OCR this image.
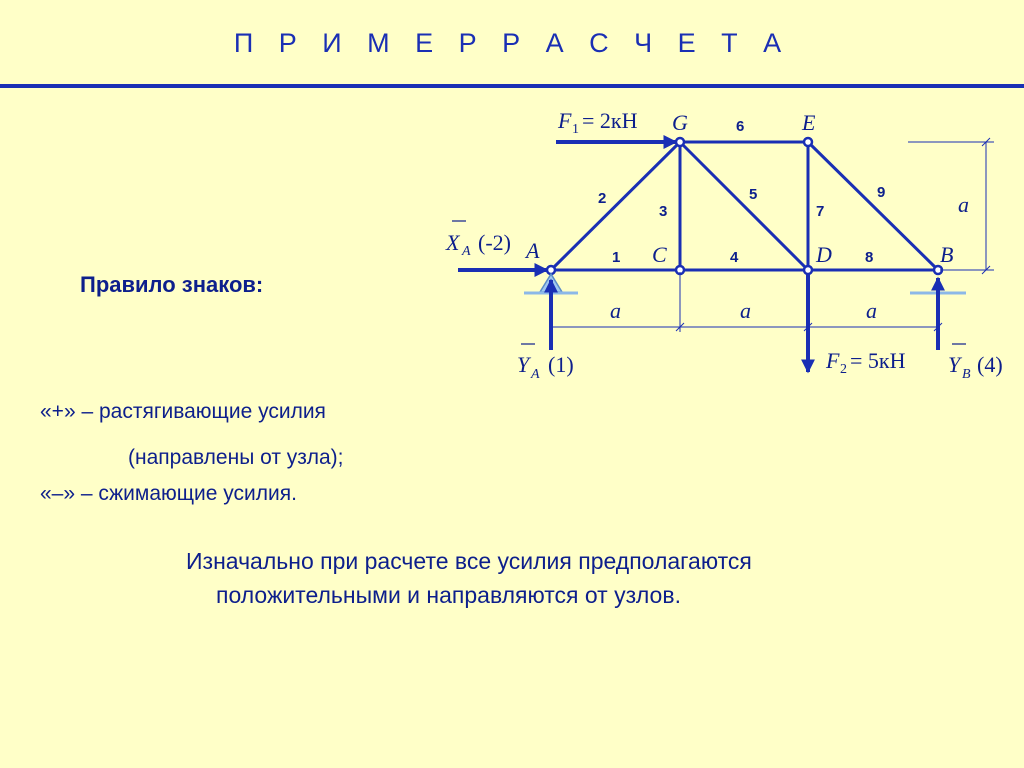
П Р И М Е Р Р А С Ч Е Т А
A	C
G	E
D	B
1
2
3
4
5
6
7
8
9
a	a	a
a
F 1 = 2кН
X A (-2)
Y A (1)	F 2 = 5кН Y B (4)
Правило знаков:
«+» – растягивающие усилия
(направлены от узла);
«–» – сжимающие усилия.
Изначально при расчете все усилия предполагаются
положительными и направляются от узлов.
